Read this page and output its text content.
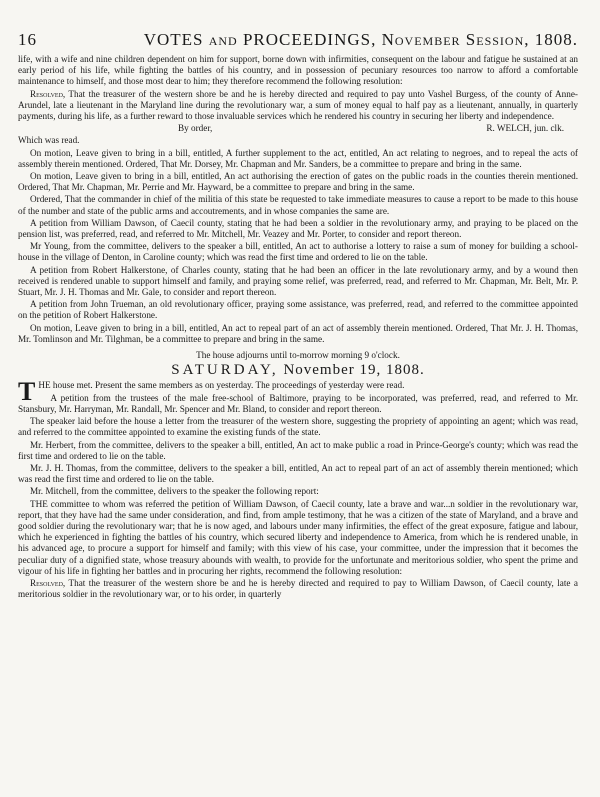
16	VOTES and PROCEEDINGS, November Session, 1808.

life, with a wife and nine children dependent on him for support, borne down with infirmities, consequent on the labour and fatigue he sustained at an early period of his life, while fighting the battles of his country, and in possession of pecuniary resources too narrow to afford a comfortable maintenance to himself, and those most dear to him; they therefore recommend the following resolution:

Resolved, That the treasurer of the western shore be and he is hereby directed and required to pay unto Vashel Burgess, of the county of Anne-Arundel, late a lieutenant in the Maryland line during the revolutionary war, a sum of money equal to half pay as a lieutenant, annually, in quarterly payments, during his life, as a further reward to those invaluable services which he rendered his country in securing her liberty and independence.

By order,	R. WELCH, jun. clk.

Which was read.

On motion, Leave given to bring in a bill, entitled, A further supplement to the act, entitled, An act relating to negroes, and to repeal the acts of assembly therein mentioned. Ordered, That Mr. Dorsey, Mr. Chapman and Mr. Sanders, be a committee to prepare and bring in the same.

On motion, Leave given to bring in a bill, entitled, An act authorising the erection of gates on the public roads in the counties therein mentioned. Ordered, That Mr. Chapman, Mr. Perrie and Mr. Hayward, be a committee to prepare and bring in the same.

Ordered, That the commander in chief of the militia of this state be requested to take immediate measures to cause a report to be made to this house of the number and state of the public arms and accoutrements, and in whose companies the same are.

A petition from William Dawson, of Caecil county, stating that he had been a soldier in the revolutionary army, and praying to be placed on the pension list, was preferred, read, and referred to Mr. Mitchell, Mr. Veazey and Mr. Porter, to consider and report thereon.

Mr Young, from the committee, delivers to the speaker a bill, entitled, An act to authorise a lottery to raise a sum of money for building a school-house in the village of Denton, in Caroline county; which was read the first time and ordered to lie on the table.

A petition from Robert Halkerstone, of Charles county, stating that he had been an officer in the late revolutionary army, and by a wound then received is rendered unable to support himself and family, and praying some relief, was preferred, read, and referred to Mr. Chapman, Mr. Belt, Mr. P. Stuart, Mr. J. H. Thomas and Mr. Gale, to consider and report thereon.

A petition from John Trueman, an old revolutionary officer, praying some assistance, was preferred, read, and referred to the committee appointed on the petition of Robert Halkerstone.

On motion, Leave given to bring in a bill, entitled, An act to repeal part of an act of assembly therein mentioned. Ordered, That Mr. J. H. Thomas, Mr. Tomlinson and Mr. Tilghman, be a committee to prepare and bring in the same.

The house adjourns until to-morrow morning 9 o'clock.
SATURDAY, November 19, 1808.

THE house met. Present the same members as on yesterday. The proceedings of yesterday were read.

A petition from the trustees of the male free-school of Baltimore, praying to be incorporated, was preferred, read, and referred to Mr. Stansbury, Mr. Harryman, Mr. Randall, Mr. Spencer and Mr. Bland, to consider and report thereon.

The speaker laid before the house a letter from the treasurer of the western shore, suggesting the propriety of appointing an agent; which was read, and referred to the committee appointed to examine the existing funds of the state.

Mr. Herbert, from the committee, delivers to the speaker a bill, entitled, An act to make public a road in Prince-George's county; which was read the first time and ordered to lie on the table.

Mr. J. H. Thomas, from the committee, delivers to the speaker a bill, entitled, An act to repeal part of an act of assembly therein mentioned; which was read the first time and ordered to lie on the table.

Mr. Mitchell, from the committee, delivers to the speaker the following report:

THE committee to whom was referred the petition of William Dawson, of Caecil county, late a brave and war...n soldier in the revolutionary war, report, that they have had the same under consideration, and find, from ample testimony, that he was a citizen of the state of Maryland, and a brave and good soldier during the revolutionary war; that he is now aged, and labours under many infirmities, the effect of the great exposure, fatigue and labour, which he experienced in fighting the battles of his country, which secured liberty and independence to America, from which he is rendered unable, in his advanced age, to procure a support for himself and family; with this view of his case, your committee, under the impression that it becomes the peculiar duty of a dignified state, whose treasury abounds with wealth, to provide for the unfortunate and meritorious soldier, who spent the prime and vigour of his life in fighting her battles and in procuring her rights, recommend the following resolution:

Resolved, That the treasurer of the western shore be and he is hereby directed and required to pay to William Dawson, of Caecil county, late a meritorious soldier in the revolutionary war, or to his order, in quarterly
